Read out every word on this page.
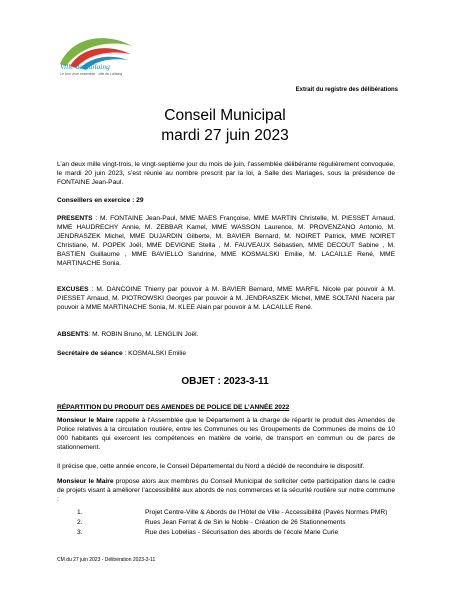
Ville de Lallaing
Le bon vivre ensemble · ville de Lallaing
Extrait du registre des délibérations
Conseil Municipal
mardi 27 juin 2023
L’an deux mille vingt-trois, le vingt-septième jour du mois de juin, l’assemblée délibérante régulièrement convoquée, le mardi 20 juin 2023, s’est réunie au nombre prescrit par la loi, à Salle des Mariages, sous la présidence de FONTAINE Jean-Paul.
Conseillers en exercice : 29
PRESENTS : M. FONTAINE Jean-Paul, MME MAES Françoise, MME MARTIN Christelle, M. PIESSET Arnaud, MME HAUDRECHY Annie, M. ZEBBAR Kamel, MME WASSON Laurence, M. PROVENZANO Antonio, M. JENDRASZEK Michel, MME DUJARDIN Gilberte, M. BAVIER Bernard, M. NOIRET Patrick, MME NOIRET Christiane, M. POPEK Joël, MME DEVIGNE Stella , M. FAUVEAUX Sébastien, MME DECOUT Sabine , M. BASTIEN Guillaume , MME BAVIELLO Sandrine, MME KOSMALSKI Emilie, M. LACAILLE René, MME MARTINACHE Sonia.
EXCUSES : M. DANCOINE Thierry par pouvoir à M. BAVIER Bernard, MME MARFIL Nicole par pouvoir à M. PIESSET Arnaud, M. PIOTROWSKI Georges par pouvoir à M. JENDRASZEK Michel, MME SOLTANI Nacera par pouvoir à MME MARTINACHE Sonia, M. KLEE Alain par pouvoir à M. LACAILLE René.
ABSENTS: M. ROBIN Bruno, M. LENGLIN Joël.
Secrétaire de séance : KOSMALSKI Emilie
OBJET : 2023-3-11
RÉPARTITION DU PRODUIT DES AMENDES DE POLICE DE L’ANNÉE 2022
Monsieur le Maire rappelle à l’Assemblée que le Département à la charge de répartir le produit des Amendes de Police relatives à la circulation routière, entre les Communes ou les Groupements de Communes de moins de 10 000 habitants qui exercent les compétences en matière de voirie, de transport en commun ou de parcs de stationnement.
Il précise que, cette année encore, le Conseil Départemental du Nord a décidé de reconduire le dispositif.
Monsieur le Maire propose alors aux membres du Conseil Municipal de solliciter cette participation dans le cadre de projets visant à améliorer l’accessibilité aux abords de nos commerces et la sécurité routière sur notre commune :
1.	Projet Centre-Ville & Abords de l’Hôtel de Ville - Accessibilité (Pavés Normes PMR)
2.	Rues Jean Ferrat & de Sin le Noble - Création de 26 Stationnements
3.	Rue des Lobelias - Sécurisation des abords de l’école Marie Curie
CM du 27 juin 2023 - Délibération 2023-3-11
